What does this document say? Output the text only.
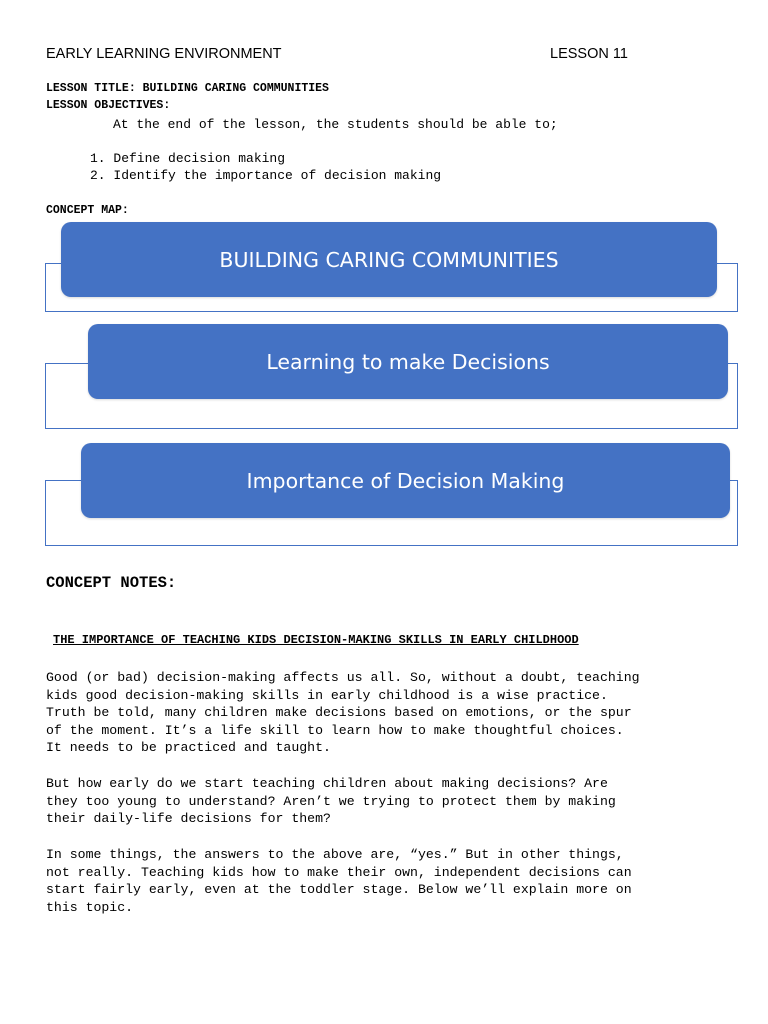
EARLY LEARNING ENVIRONMENT	LESSON 11
LESSON TITLE: BUILDING CARING COMMUNITIES
LESSON OBJECTIVES:
At the end of the lesson, the students should be able to;
1. Define decision making
2. Identify the importance of decision making
CONCEPT MAP:
BUILDING CARING COMMUNITIES
Learning to make Decisions
Importance of Decision Making
CONCEPT NOTES:
THE IMPORTANCE OF TEACHING KIDS DECISION-MAKING SKILLS IN EARLY CHILDHOOD
Good (or bad) decision-making affects us all. So, without a doubt, teaching
kids good decision-making skills in early childhood is a wise practice.
Truth be told, many children make decisions based on emotions, or the spur
of the moment. It’s a life skill to learn how to make thoughtful choices.
It needs to be practiced and taught.
But how early do we start teaching children about making decisions? Are
they too young to understand? Aren’t we trying to protect them by making
their daily-life decisions for them?
In some things, the answers to the above are, “yes.” But in other things,
not really. Teaching kids how to make their own, independent decisions can
start fairly early, even at the toddler stage. Below we’ll explain more on
this topic.
